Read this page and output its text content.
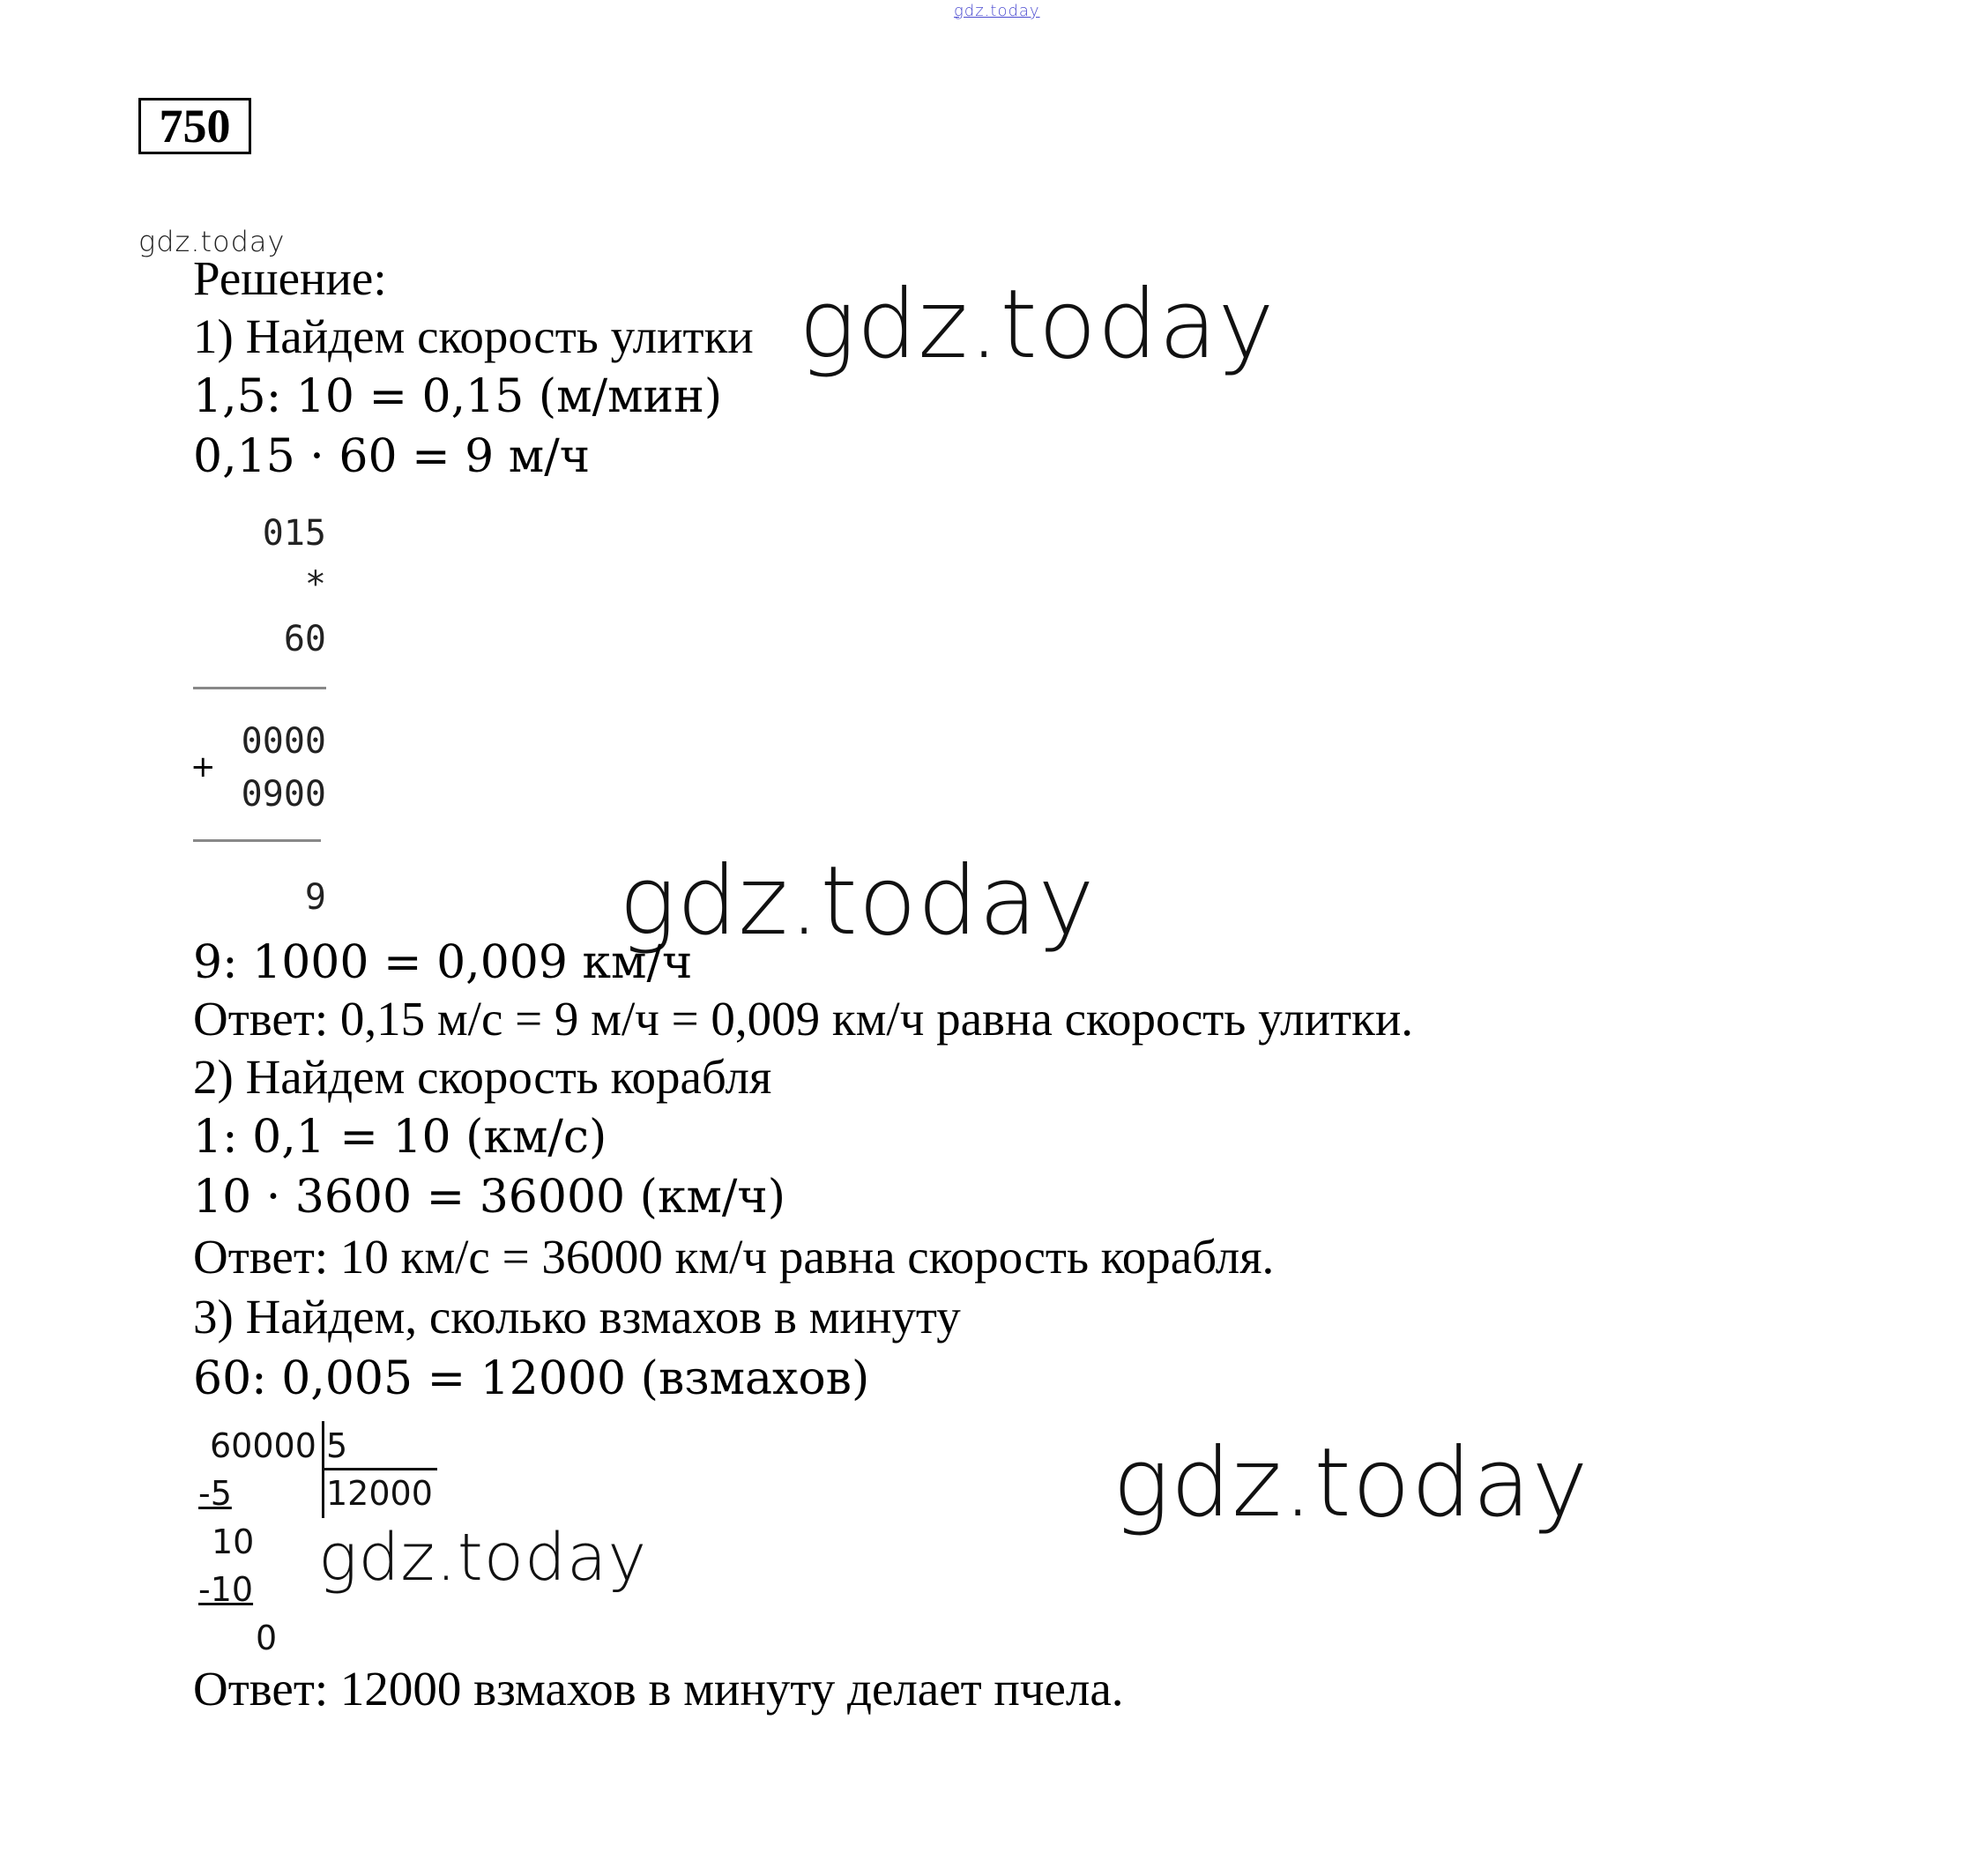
gdz.today
gdz.today
gdz.today
gdz.today
gdz.today
gdz.today
750
Решение:
1) Найдем скорость улитки
1,5: 10 = 0,15 (м/мин)
0,15 · 60 = 9 м/ч
015
*
60
0000
+
0900
9
9: 1000 = 0,009 км/ч
Ответ: 0,15 м/с = 9 м/ч = 0,009 км/ч равна скорость улитки.
2) Найдем скорость корабля
1: 0,1 = 10 (км/с)
10 · 3600 = 36000 (км/ч)
Ответ: 10 км/с = 36000 км/ч равна скорость корабля.
3) Найдем, сколько взмахов в минуту
60: 0,005 = 12000 (взмахов)
60000 5
12000
-5
10
-10
0
Ответ: 12000 взмахов в минуту делает пчела.
